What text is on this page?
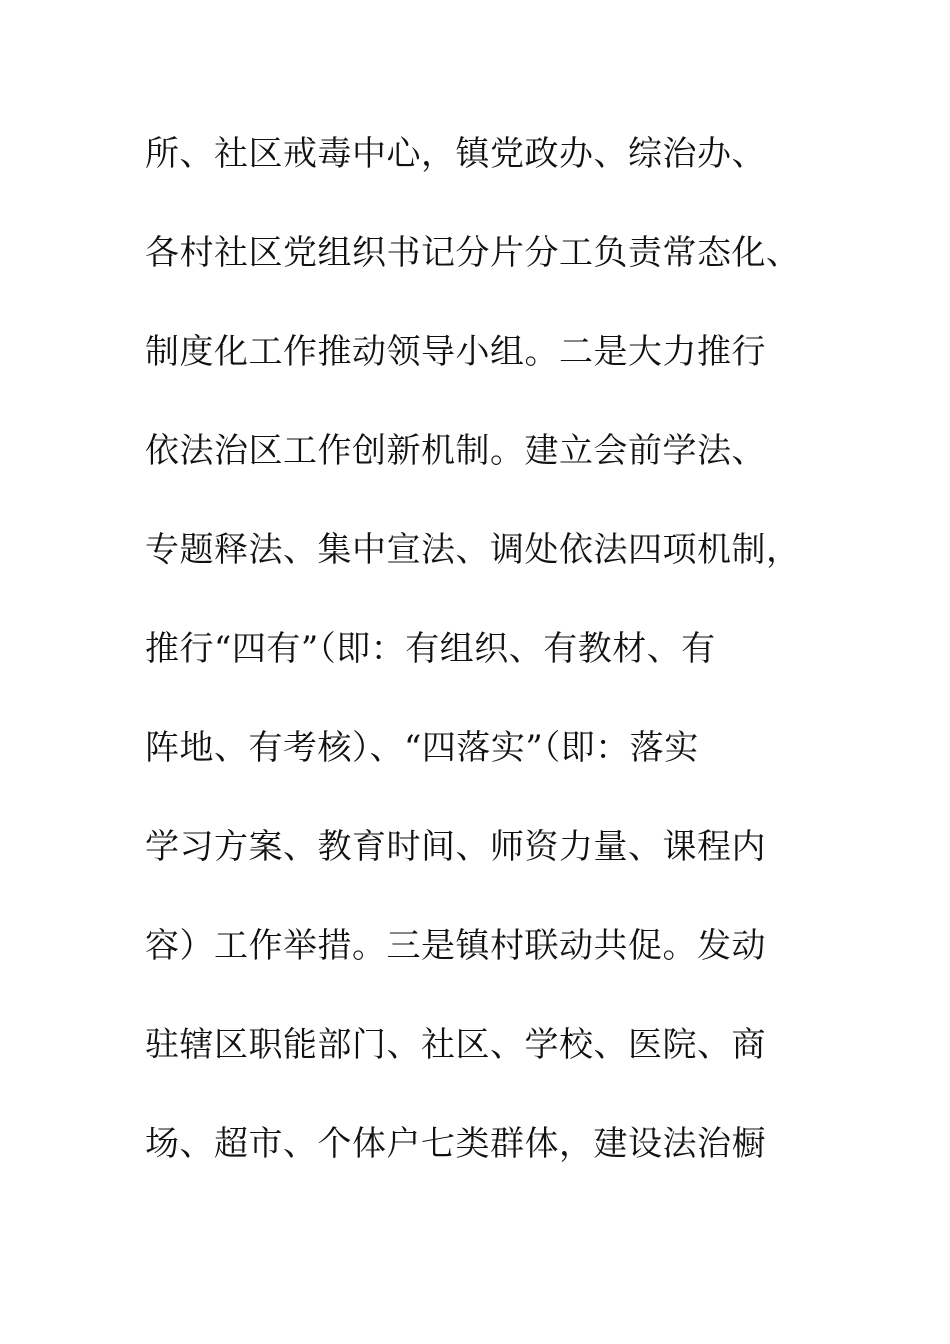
所、社区戒毒中心，镇党政办、综治办、
各村社区党组织书记分片分工负责常态化、
制度化工作推动领导小组。二是大力推行
依法治区工作创新机制。建立会前学法、
专题释法、集中宣法、调处依法四项机制，
推行“四有”（即：有组织、有教材、有
阵地、有考核）、“四落实”（即：落实
学习方案、教育时间、师资力量、课程内
容）工作举措。三是镇村联动共促。发动
驻辖区职能部门、社区、学校、医院、商
场、超市、个体户七类群体，建设法治橱
